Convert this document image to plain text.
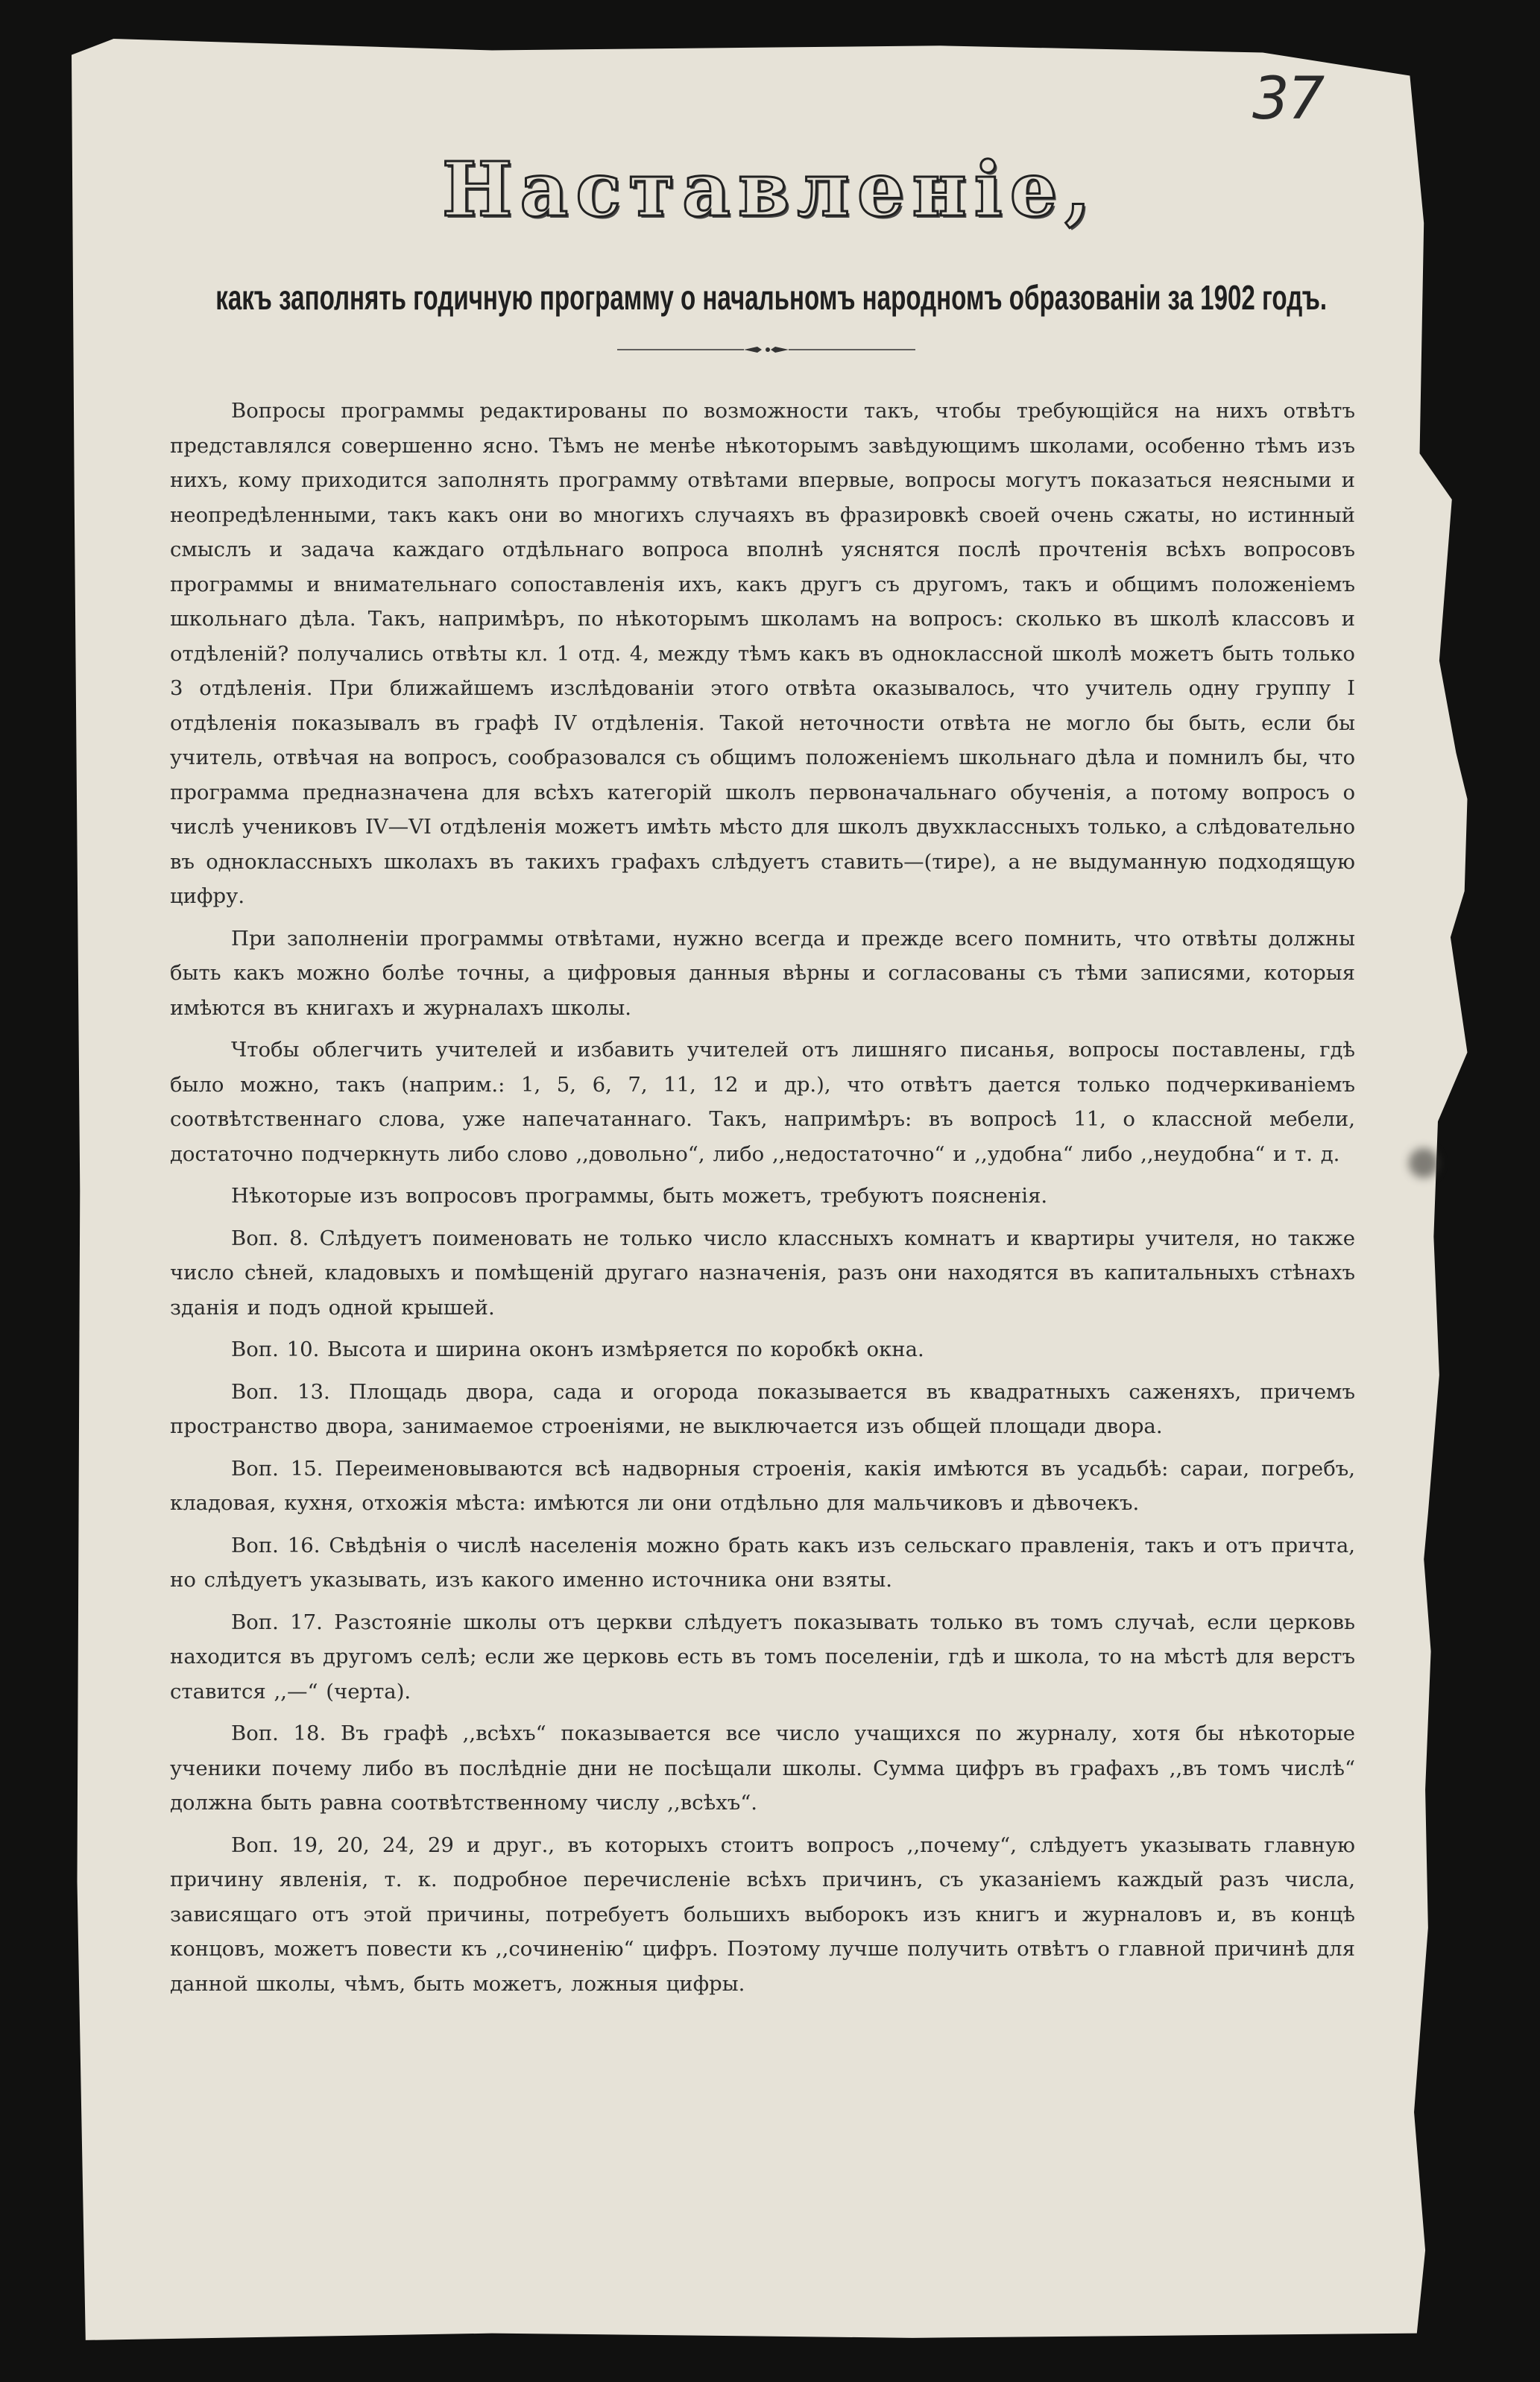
37
Наставленіе,
какъ заполнять годичную программу о начальномъ народномъ образованіи за 1902 годъ.

Вопросы программы редактированы по возможности такъ, чтобы требующійся на нихъ отвѣтъ представлялся совершенно ясно. Тѣмъ не менѣе нѣкоторымъ завѣдующимъ школами, особенно тѣмъ изъ нихъ, кому приходится заполнять программу отвѣтами впервые, вопросы могутъ показаться неясными и неопредѣленными, такъ какъ они во многихъ случаяхъ въ фразировкѣ своей очень сжаты, но истинный смыслъ и задача каждаго отдѣльнаго вопроса вполнѣ уяснятся послѣ прочтенія всѣхъ вопросовъ программы и внимательнаго сопоставленія ихъ, какъ другъ съ другомъ, такъ и общимъ положеніемъ школьнаго дѣла. Такъ, напримѣръ, по нѣкоторымъ школамъ на вопросъ: сколько въ школѣ классовъ и отдѣленій? получались отвѣты кл. 1 отд. 4, между тѣмъ какъ въ одноклассной школѣ можетъ быть только 3 отдѣленія. При ближайшемъ изслѣдованіи этого отвѣта оказывалось, что учитель одну группу I отдѣленія показывалъ въ графѣ IV отдѣленія. Такой неточности отвѣта не могло бы быть, если бы учитель, отвѣчая на вопросъ, сообразовался съ общимъ положеніемъ школьнаго дѣла и помнилъ бы, что программа предназначена для всѣхъ категорій школъ первоначальнаго обученія, а потому вопросъ о числѣ учениковъ IV—VI отдѣленія можетъ имѣть мѣсто для школъ двухклассныхъ только, а слѣдовательно въ одноклассныхъ школахъ въ такихъ графахъ слѣдуетъ ставить—(тире), а не выдуманную подходящую цифру.

При заполненіи программы отвѣтами, нужно всегда и прежде всего помнить, что отвѣты должны быть какъ можно болѣе точны, а цифровыя данныя вѣрны и согласованы съ тѣми записями, которыя имѣются въ книгахъ и журналахъ школы.

Чтобы облегчить учителей и избавить учителей отъ лишняго писанья, вопросы поставлены, гдѣ было можно, такъ (наприм.: 1, 5, 6, 7, 11, 12 и др.), что отвѣтъ дается только подчеркиваніемъ соотвѣтственнаго слова, уже напечатаннаго. Такъ, напримѣръ: въ вопросѣ 11, о классной мебели, достаточно подчеркнуть либо слово ,,довольно“, либо ,,недостаточно“ и ,,удобна“ либо ,,неудобна“ и т. д.

Нѣкоторые изъ вопросовъ программы, быть можетъ, требуютъ поясненія.

Воп. 8. Слѣдуетъ поименовать не только число классныхъ комнатъ и квартиры учителя, но также число сѣней, кладовыхъ и помѣщеній другаго назначенія, разъ они находятся въ капитальныхъ стѣнахъ зданія и подъ одной крышей.

Воп. 10. Высота и ширина оконъ измѣряется по коробкѣ окна.

Воп. 13. Площадь двора, сада и огорода показывается въ квадратныхъ саженяхъ, причемъ пространство двора, занимаемое строеніями, не выключается изъ общей площади двора.

Воп. 15. Переименовываются всѣ надворныя строенія, какія имѣются въ усадьбѣ: сараи, погребъ, кладовая, кухня, отхожія мѣста: имѣются ли они отдѣльно для мальчиковъ и дѣвочекъ.

Воп. 16. Свѣдѣнія о числѣ населенія можно брать какъ изъ сельскаго правленія, такъ и отъ причта, но слѣдуетъ указывать, изъ какого именно источника они взяты.

Воп. 17. Разстояніе школы отъ церкви слѣдуетъ показывать только въ томъ случаѣ, если церковь находится въ другомъ селѣ; если же церковь есть въ томъ поселеніи, гдѣ и школа, то на мѣстѣ для верстъ ставится ,,—“ (черта).

Воп. 18. Въ графѣ ,,всѣхъ“ показывается все число учащихся по журналу, хотя бы нѣкоторые ученики почему либо въ послѣдніе дни не посѣщали школы. Сумма цифръ въ графахъ ,,въ томъ числѣ“ должна быть равна соотвѣтственному числу ,,всѣхъ“.

Воп. 19, 20, 24, 29 и друг., въ которыхъ стоитъ вопросъ ,,почему“, слѣдуетъ указывать главную причину явленія, т. к. подробное перечисленіе всѣхъ причинъ, съ указаніемъ каждый разъ числа, зависящаго отъ этой причины, потребуетъ большихъ выборокъ изъ книгъ и журналовъ и, въ концѣ концовъ, можетъ повести къ ,,сочиненію“ цифръ. Поэтому лучше получить отвѣтъ о главной причинѣ для данной школы, чѣмъ, быть можетъ, ложныя цифры.
